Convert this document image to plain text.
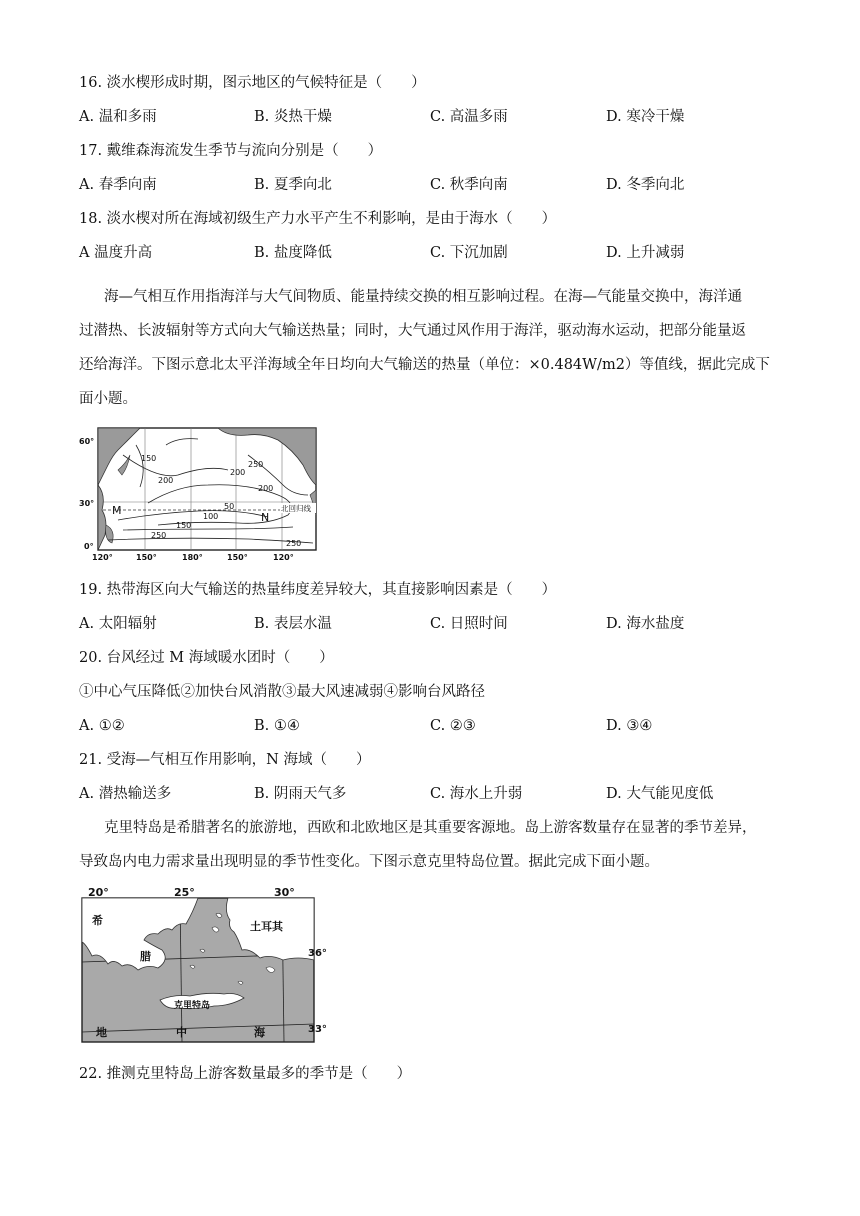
16. 淡水楔形成时期，图示地区的气候特征是（　　）
A. 温和多雨	B. 炎热干燥	C. 高温多雨	D. 寒冷干燥
17. 戴维森海流发生季节与流向分别是（　　）
A. 春季向南	B. 夏季向北	C. 秋季向南	D. 冬季向北
18. 淡水楔对所在海域初级生产力水平产生不利影响，是由于海水（　　）
A 温度升高	B. 盐度降低	C. 下沉加剧	D. 上升减弱
海—气相互作用指海洋与大气间物质、能量持续交换的相互影响过程。在海—气能量交换中，海洋通
过潜热、长波辐射等方式向大气输送热量；同时，大气通过风作用于海洋，驱动海水运动，把部分能量返
还给海洋。下图示意北太平洋海域全年日均向大气输送的热量（单位：×0.484W/m2）等值线，据此完成下
面小题。
150
200
200
250
200
250
150
100
50
250
M
N
北回归线
60°
30°
0°
120°	150°	180°	150°	120°
19. 热带海区向大气输送的热量纬度差异较大，其直接影响因素是（　　）
A. 太阳辐射	B. 表层水温	C. 日照时间	D. 海水盐度
20. 台风经过 M 海域暖水团时（　　）
①中心气压降低②加快台风消散③最大风速减弱④影响台风路径
A. ①②	B. ①④	C. ②③	D. ③④
21. 受海—气相互作用影响，N 海域（　　）
A. 潜热输送多	B. 阴雨天气多	C. 海水上升弱	D. 大气能见度低
克里特岛是希腊著名的旅游地，西欧和北欧地区是其重要客源地。岛上游客数量存在显著的季节差异，
导致岛内电力需求量出现明显的季节性变化。下图示意克里特岛位置。据此完成下面小题。
20°	25°	30°
36°
33°
希
腊
土耳其
克里特岛
地	中	海
22. 推测克里特岛上游客数量最多的季节是（　　）
